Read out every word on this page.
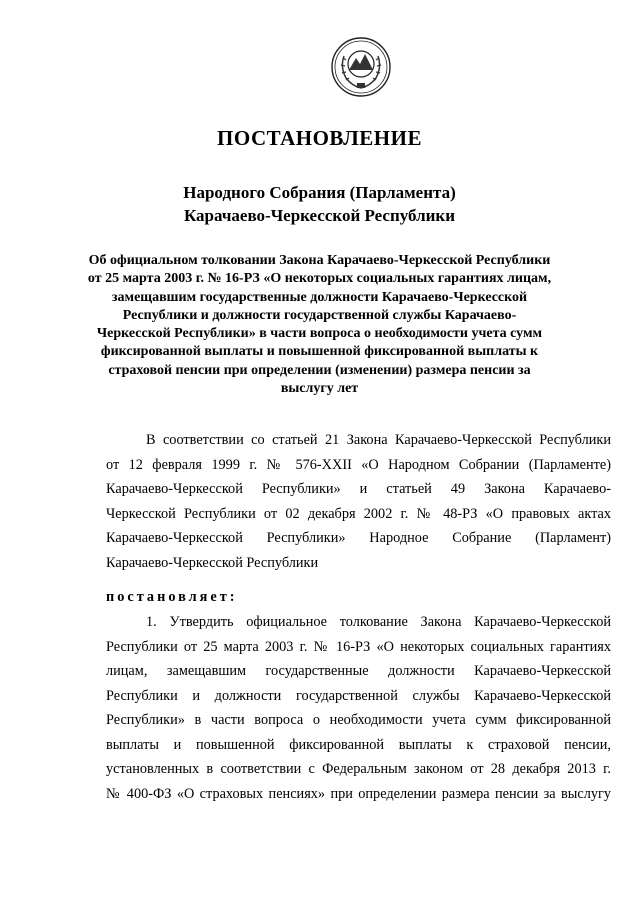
ПОСТАНОВЛЕНИЕ
Народного Собрания (Парламента)
Карачаево-Черкесской Республики
Об официальном толковании Закона Карачаево-Черкесской Республики
от 25 марта 2003 г. № 16-РЗ «О некоторых социальных гарантиях лицам,
замещавшим государственные должности Карачаево-Черкесской
Республики и должности государственной службы Карачаево-
Черкесской Республики» в части вопроса о необходимости учета сумм
фиксированной выплаты и повышенной фиксированной выплаты к
страховой пенсии при определении (изменении) размера пенсии за
выслугу лет
В соответствии со статьей 21 Закона Карачаево-Черкесской Республики
от 12 февраля 1999 г. № 576-XXII «О Народном Собрании (Парламенте)
Карачаево-Черкесской Республики» и статьей 49 Закона Карачаево-
Черкесской Республики от 02 декабря 2002 г. № 48-РЗ «О правовых актах
Карачаево-Черкесской Республики» Народное Собрание (Парламент)
Карачаево-Черкесской Республики
постановляет:
1. Утвердить официальное толкование Закона Карачаево-Черкесской
Республики от 25 марта 2003 г. № 16-РЗ «О некоторых социальных гарантиях
лицам, замещавшим государственные должности Карачаево-Черкесской
Республики и должности государственной службы Карачаево-Черкесской
Республики» в части вопроса о необходимости учета сумм фиксированной
выплаты и повышенной фиксированной выплаты к страховой пенсии,
установленных в соответствии с Федеральным законом от 28 декабря 2013 г.
№ 400-ФЗ «О страховых пенсиях» при определении размера пенсии за выслугу
